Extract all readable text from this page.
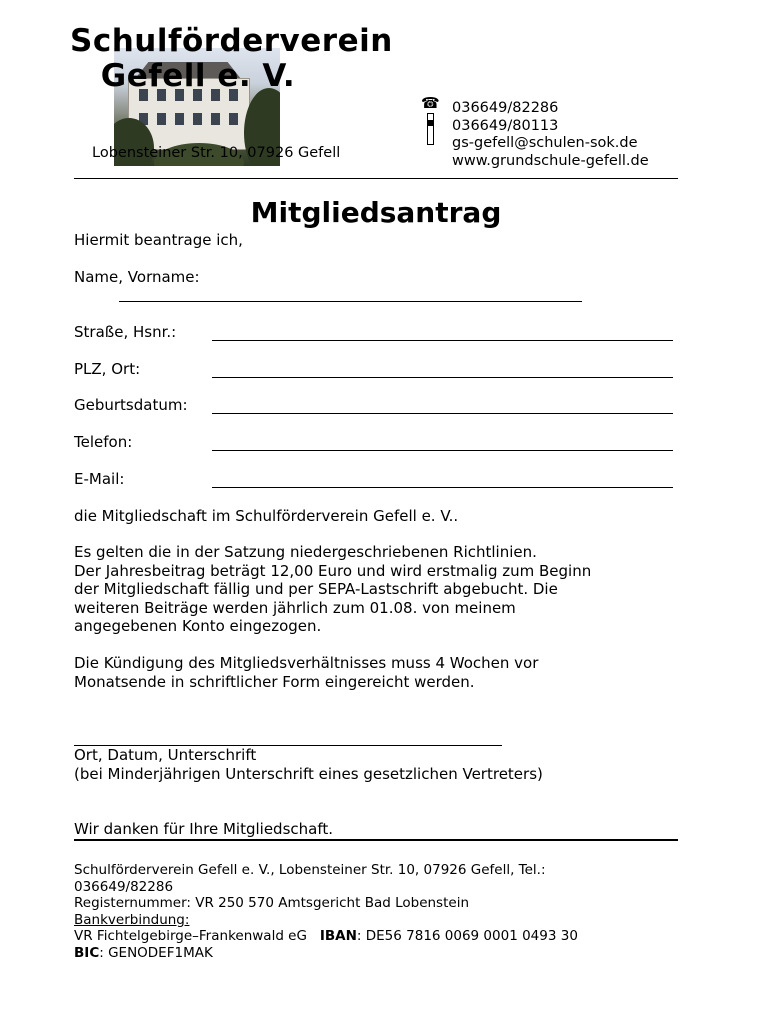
Schulförderverein Gefell e. V.
Lobensteiner Str. 10, 07926 Gefell
☎ 036649/82286
036649/80113
gs-gefell@schulen-sok.de
www.grundschule-gefell.de
Mitgliedsantrag
Hiermit beantrage ich,
Name, Vorname:
Straße, Hsnr.:
PLZ, Ort:
Geburtsdatum:
Telefon:
E-Mail:
die Mitgliedschaft im Schulförderverein Gefell e. V..
Es gelten die in der Satzung niedergeschriebenen Richtlinien.
Der Jahresbeitrag beträgt 12,00 Euro und wird erstmalig zum Beginn
der Mitgliedschaft fällig und per SEPA-Lastschrift abgebucht. Die
weiteren Beiträge werden jährlich zum 01.08. von meinem
angegebenen Konto eingezogen.
Die Kündigung des Mitgliedsverhältnisses muss 4 Wochen vor
Monatsende in schriftlicher Form eingereicht werden.
Ort, Datum, Unterschrift
(bei Minderjährigen Unterschrift eines gesetzlichen Vertreters)
Wir danken für Ihre Mitgliedschaft.
Schulförderverein Gefell e. V., Lobensteiner Str. 10, 07926 Gefell, Tel.:
036649/82286
Registernummer: VR 250 570 Amtsgericht Bad Lobenstein
Bankverbindung:
VR Fichtelgebirge–Frankenwald eG IBAN: DE56 7816 0069 0001 0493 30
BIC: GENODEF1MAK
